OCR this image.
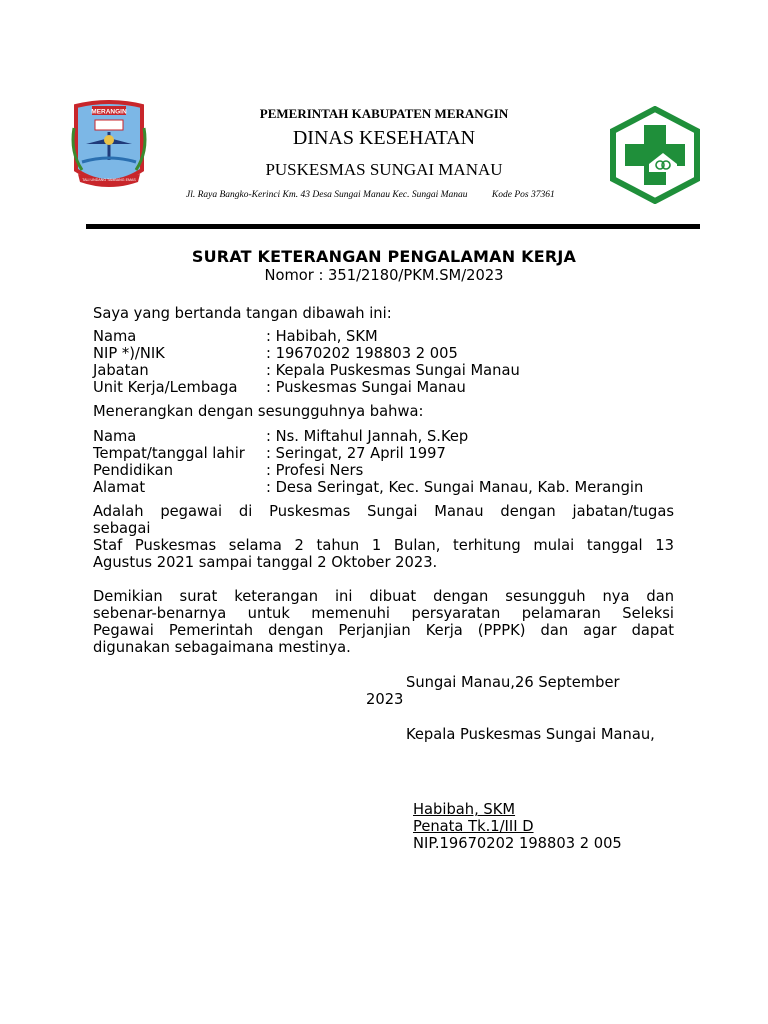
MERANGIN
TALI UNDANG TAMBANG EMAS
PEMERINTAH KABUPATEN MERANGIN
DINAS KESEHATAN
PUSKESMAS SUNGAI MANAU
Jl. Raya Bangko-Kerinci Km. 43 Desa Sungai Manau Kec. Sungai Manau	Kode Pos 37361
SURAT KETERANGAN PENGALAMAN KERJA
Nomor : 351/2180/PKM.SM/2023
Saya yang bertanda tangan dibawah ini:
Nama	: Habibah, SKM
NIP *)/NIK	: 19670202 198803 2 005
Jabatan	: Kepala Puskesmas Sungai Manau
Unit Kerja/Lembaga : Puskesmas Sungai Manau
Menerangkan dengan sesungguhnya bahwa:
Nama	: Ns. Miftahul Jannah, S.Kep
Tempat/tanggal lahir : Seringat, 27 April 1997
Pendidikan	: Profesi Ners
Alamat	: Desa Seringat, Kec. Sungai Manau, Kab. Merangin
Adalah pegawai di Puskesmas Sungai Manau dengan jabatan/tugas
sebagai
Staf Puskesmas selama 2 tahun 1 Bulan, terhitung mulai tanggal 13
Agustus 2021 sampai tanggal 2 Oktober 2023.
Demikian surat keterangan ini dibuat dengan sesungguh nya dan
sebenar-benarnya untuk memenuhi persyaratan pelamaran Seleksi
Pegawai Pemerintah dengan Perjanjian Kerja (PPPK) dan agar dapat
digunakan sebagaimana mestinya.
Sungai Manau,26 September
2023
Kepala Puskesmas Sungai Manau,
Habibah, SKM
Penata Tk.1/III D
NIP.19670202 198803 2 005
